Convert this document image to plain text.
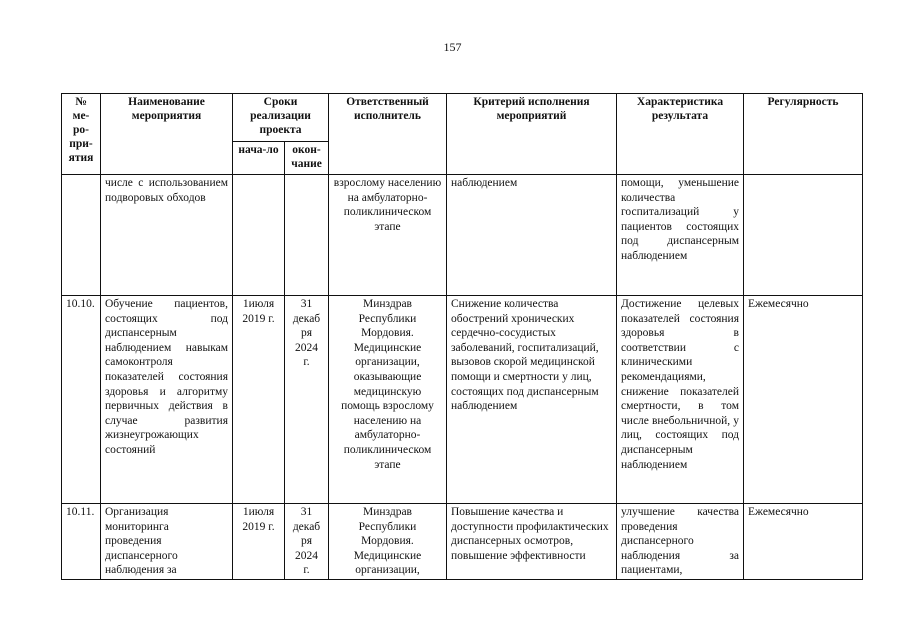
157
№ ме-ро-при-ятия	Наименование мероприятия	Сроки реализации проекта		Ответственный исполнитель	Критерий исполнения мероприятий	Характеристика результата	Регулярность
		нача-ло	окон-чание				
	числе с использованием подворовых обходов			взрослому населению на амбулаторно-поликлиническом этапе	наблюдением	помощи, уменьшение количества госпитализаций у пациентов состоящих под диспансерным наблюдением	
10.10.	Обучение пациентов, состоящих под диспансерным наблюдением навыкам самоконтроля показателей состояния здоровья и алгоритму первичных действия в случае развития жизнеугрожающих состояний	1июля 2019 г.	31 декаб ря 2024 г.	Минздрав Республики Мордовия. Медицинские организации, оказывающие медицинскую помощь взрослому населению на амбулаторно-поликлиническом этапе	Снижение количества обострений хронических сердечно-сосудистых заболеваний, госпитализаций, вызовов скорой медицинской помощи и смертности у лиц, состоящих под диспансерным наблюдением	Достижение целевых показателей состояния здоровья в соответствии с клиническими рекомендациями, снижение показателей смертности, в том числе внебольничной, у лиц, состоящих под диспансерным наблюдением	Ежемесячно
10.11.	Организация мониторинга проведения диспансерного наблюдения за	1июля 2019 г.	31 декаб ря 2024 г.	Минздрав Республики Мордовия. Медицинские организации,	Повышение качества и доступности профилактических диспансерных осмотров, повышение эффективности	улучшение качества проведения диспансерного наблюдения за пациентами,	Ежемесячно
